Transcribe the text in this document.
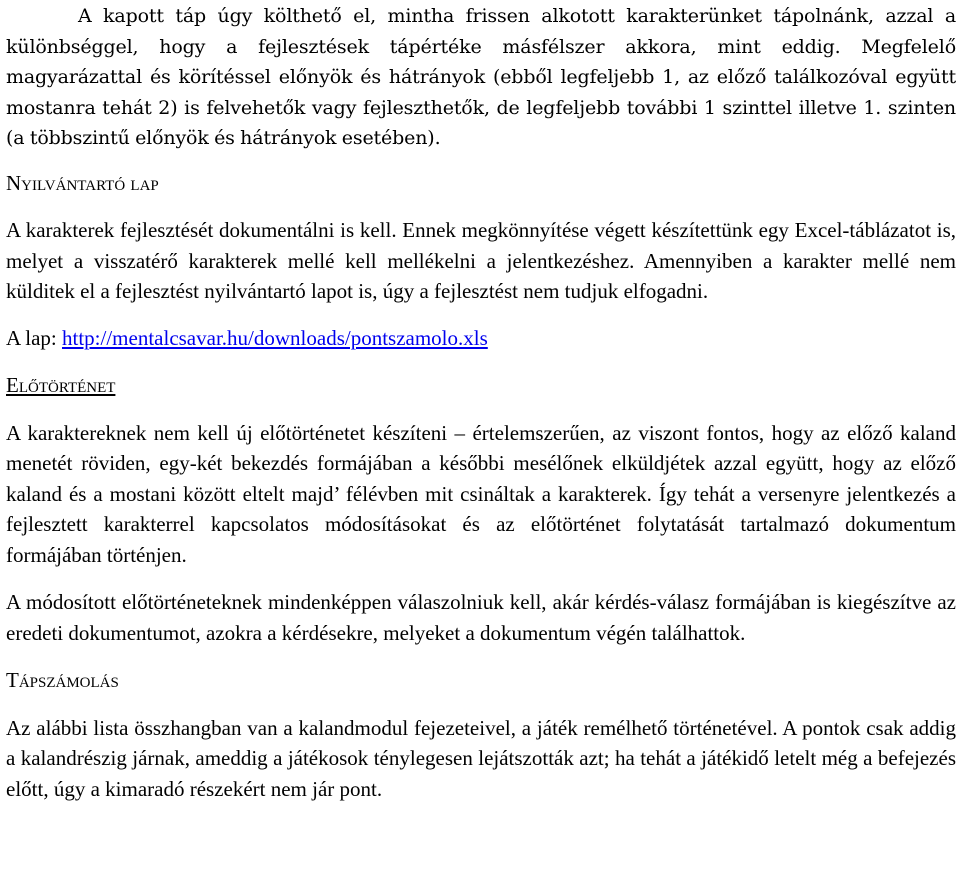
A kapott táp úgy költhető el, mintha frissen alkotott karakterünket tápolnánk, azzal a különbséggel, hogy a fejlesztések tápértéke másfélszer akkora, mint eddig. Megfelelő magyarázattal és körítéssel előnyök és hátrányok (ebből legfeljebb 1, az előző találkozóval együtt mostanra tehát 2) is felvehetők vagy fejleszthetők, de legfeljebb további 1 szinttel illetve 1. szinten (a többszintű előnyök és hátrányok esetében).

Nyilvántartó lap

A karakterek fejlesztését dokumentálni is kell. Ennek megkönnyítése végett készítettünk egy Excel-táblázatot is, melyet a visszatérő karakterek mellé kell mellékelni a jelentkezéshez. Amennyiben a karakter mellé nem külditek el a fejlesztést nyilvántartó lapot is, úgy a fejlesztést nem tudjuk elfogadni.

A lap: http://mentalcsavar.hu/downloads/pontszamolo.xls

Előtörténet

A karaktereknek nem kell új előtörténetet készíteni – értelemszerűen, az viszont fontos, hogy az előző kaland menetét röviden, egy-két bekezdés formájában a későbbi mesélőnek elküldjétek azzal együtt, hogy az előző kaland és a mostani között eltelt majd’ félévben mit csináltak a karakterek. Így tehát a versenyre jelentkezés a fejlesztett karakterrel kapcsolatos módosításokat és az előtörténet folytatását tartalmazó dokumentum formájában történjen.

A módosított előtörténeteknek mindenképpen válaszolniuk kell, akár kérdés-válasz formájában is kiegészítve az eredeti dokumentumot, azokra a kérdésekre, melyeket a dokumentum végén találhattok.

Tápszámolás

Az alábbi lista összhangban van a kalandmodul fejezeteivel, a játék remélhető történetével. A pontok csak addig a kalandrészig járnak, ameddig a játékosok ténylegesen lejátszották azt; ha tehát a játékidő letelt még a befejezés előtt, úgy a kimaradó részekért nem jár pont.
